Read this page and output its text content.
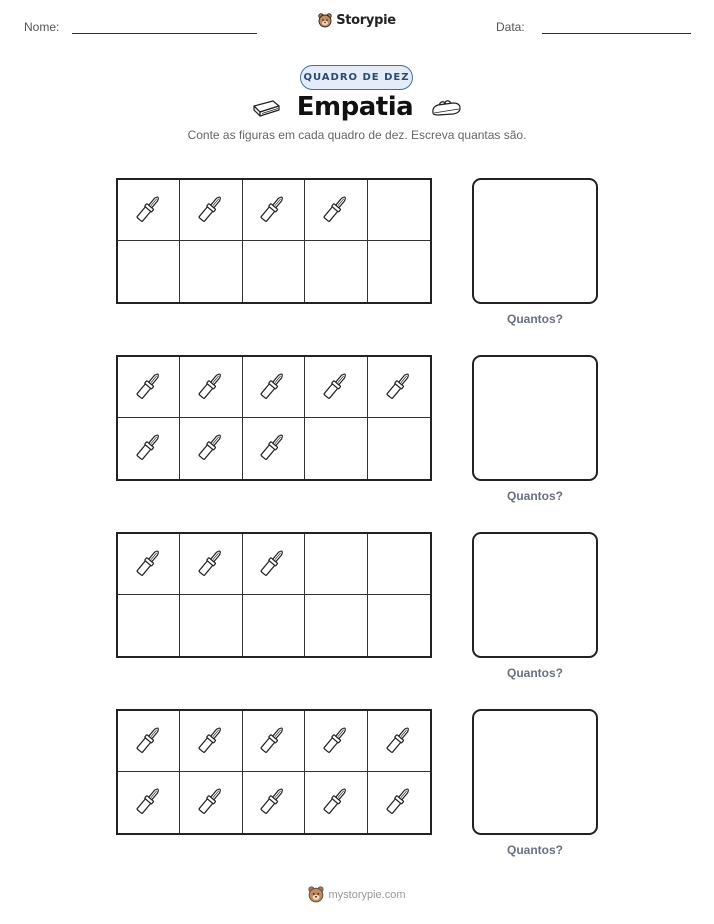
Nome:	Storypie	Data:
QUADRO DE DEZ
Empatia
Conte as figuras em cada quadro de dez. Escreva quantas são.
Quantos?
Quantos?
Quantos?
Quantos?
mystorypie.com
